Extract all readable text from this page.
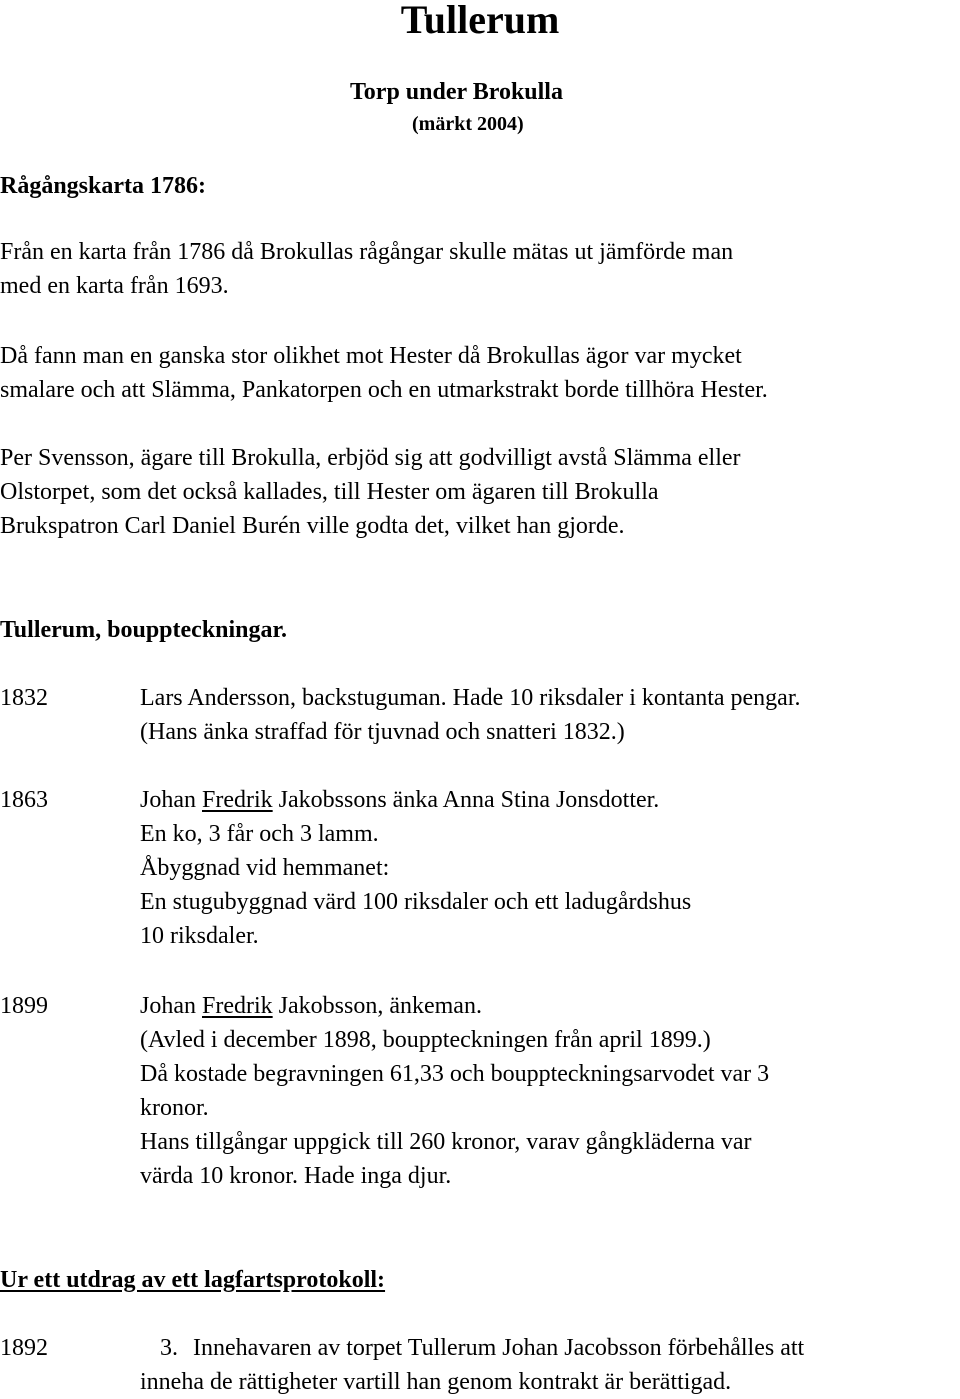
Tullerum
Torp under Brokulla
(märkt 2004)
Rågångskarta 1786:
Från en karta från 1786 då Brokullas rågångar skulle mätas ut jämförde man
med en karta från 1693.
Då fann man en ganska stor olikhet mot Hester då Brokullas ägor var mycket
smalare och att Slämma, Pankatorpen och en utmarkstrakt borde tillhöra Hester.
Per Svensson, ägare till Brokulla, erbjöd sig att godvilligt avstå Slämma eller
Olstorpet, som det också kallades, till Hester om ägaren till Brokulla
Brukspatron Carl Daniel Burén ville godta det, vilket han gjorde.
Tullerum, bouppteckningar.
1832	Lars Andersson, backstuguman. Hade 10 riksdaler i kontanta pengar.
(Hans änka straffad för tjuvnad och snatteri 1832.)
1863	Johan Fredrik Jakobssons änka Anna Stina Jonsdotter.
En ko, 3 får och 3 lamm.
Åbyggnad vid hemmanet:
En stugubyggnad värd 100 riksdaler och ett ladugårdshus
10 riksdaler.
1899	Johan Fredrik Jakobsson, änkeman.
(Avled i december 1898, bouppteckningen från april 1899.)
Då kostade begravningen 61,33 och bouppteckningsarvodet var 3
kronor.
Hans tillgångar uppgick till 260 kronor, varav gångkläderna var
värda 10 kronor. Hade inga djur.
Ur ett utdrag av ett lagfartsprotokoll:
1892	3. Innehavaren av torpet Tullerum Johan Jacobsson förbehålles att
inneha de rättigheter vartill han genom kontrakt är berättigad.
